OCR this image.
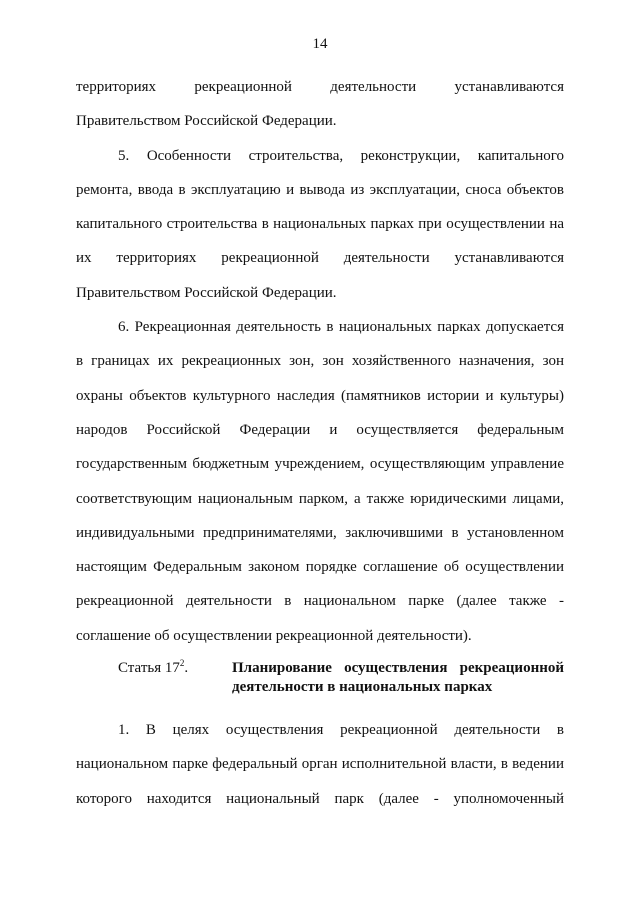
14

территориях рекреационной деятельности устанавливаются Правительством Российской Федерации.

5. Особенности строительства, реконструкции, капитального ремонта, ввода в эксплуатацию и вывода из эксплуатации, сноса объектов капитального строительства в национальных парках при осуществлении на их территориях рекреационной деятельности устанавливаются Правительством Российской Федерации.

6. Рекреационная деятельность в национальных парках допускается в границах их рекреационных зон, зон хозяйственного назначения, зон охраны объектов культурного наследия (памятников истории и культуры) народов Российской Федерации и осуществляется федеральным государственным бюджетным учреждением, осуществляющим управление соответствующим национальным парком, а также юридическими лицами, индивидуальными предпринимателями, заключившими в установленном настоящим Федеральным законом порядке соглашение об осуществлении рекреационной деятельности в национальном парке (далее также - соглашение об осуществлении рекреационной деятельности).

Статья $17^2$.	Планирование осуществления рекреационной деятельности в национальных парках

1. В целях осуществления рекреационной деятельности в национальном парке федеральный орган исполнительной власти, в ведении которого находится национальный парк (далее - уполномоченный
